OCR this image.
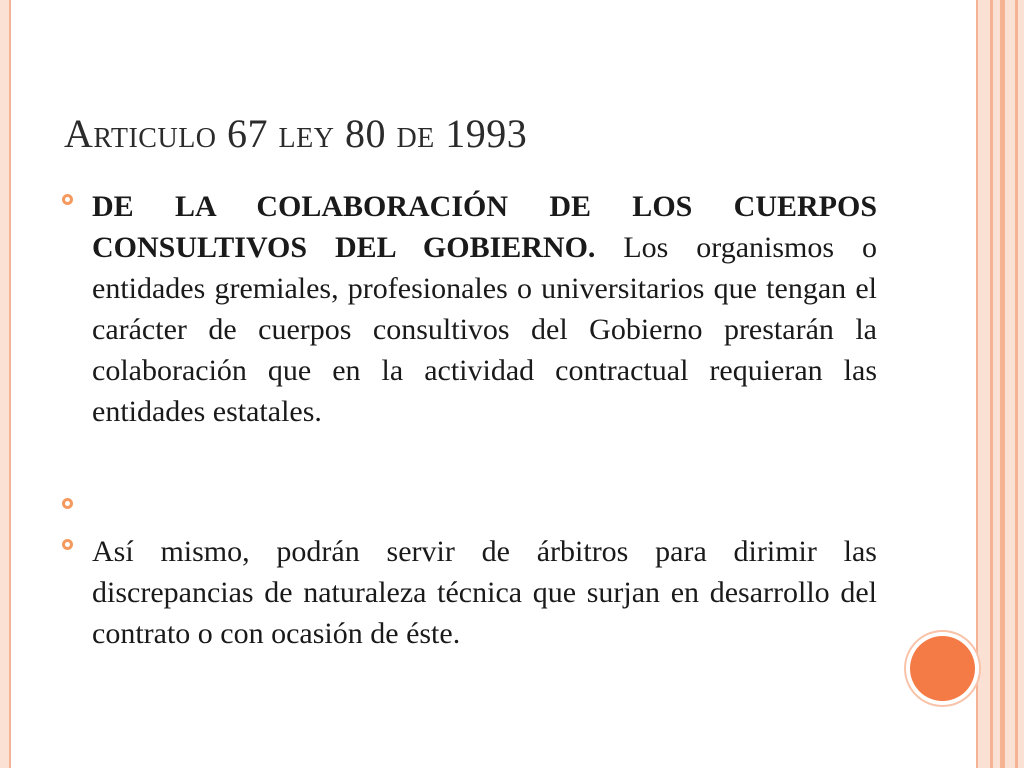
Articulo 67 ley 80 de 1993
DE LA COLABORACIÓN DE LOS CUERPOS CONSULTIVOS DEL GOBIERNO. Los organismos o entidades gremiales, profesionales o universitarios que tengan el carácter de cuerpos consultivos del Gobierno prestarán la colaboración que en la actividad contractual requieran las entidades estatales.
Así mismo, podrán servir de árbitros para dirimir las discrepancias de naturaleza técnica que surjan en desarrollo del contrato o con ocasión de éste.
